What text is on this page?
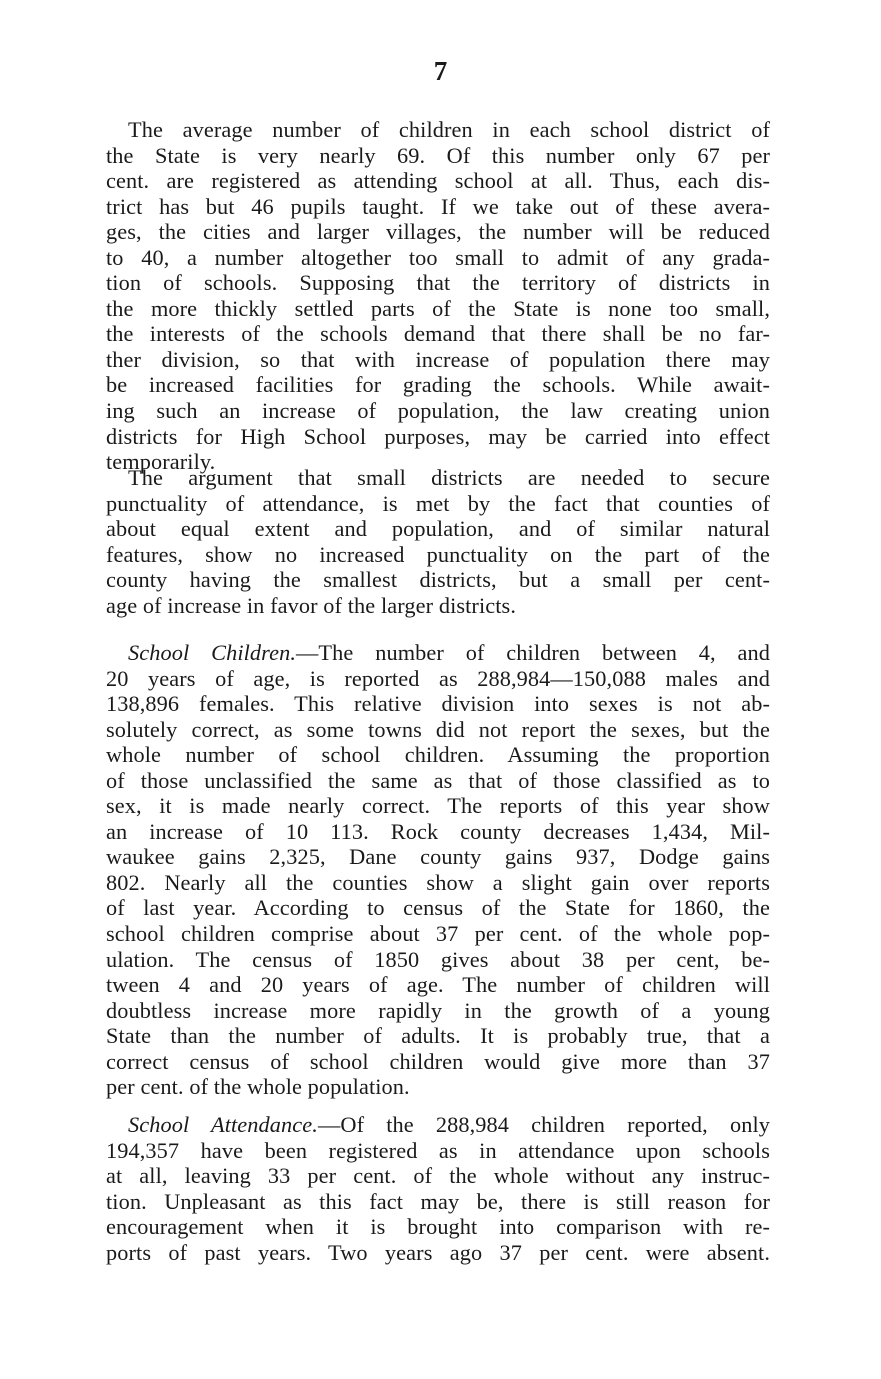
7
The average number of children in each school district of
the State is very nearly 69. Of this number only 67 per
cent. are registered as attending school at all. Thus, each dis-
trict has but 46 pupils taught. If we take out of these avera-
ges, the cities and larger villages, the number will be reduced
to 40, a number altogether too small to admit of any grada-
tion of schools. Supposing that the territory of districts in
the more thickly settled parts of the State is none too small,
the interests of the schools demand that there shall be no far-
ther division, so that with increase of population there may
be increased facilities for grading the schools. While await-
ing such an increase of population, the law creating union
districts for High School purposes, may be carried into effect
temporarily.
The argument that small districts are needed to secure
punctuality of attendance, is met by the fact that counties of
about equal extent and population, and of similar natural
features, show no increased punctuality on the part of the
county having the smallest districts, but a small per cent-
age of increase in favor of the larger districts.
School Children.—The number of children between 4, and
20 years of age, is reported as 288,984—150,088 males and
138,896 females. This relative division into sexes is not ab-
solutely correct, as some towns did not report the sexes, but the
whole number of school children. Assuming the proportion
of those unclassified the same as that of those classified as to
sex, it is made nearly correct. The reports of this year show
an increase of 10 113. Rock county decreases 1,434, Mil-
waukee gains 2,325, Dane county gains 937, Dodge gains
802. Nearly all the counties show a slight gain over reports
of last year. According to census of the State for 1860, the
school children comprise about 37 per cent. of the whole pop-
ulation. The census of 1850 gives about 38 per cent, be-
tween 4 and 20 years of age. The number of children will
doubtless increase more rapidly in the growth of a young
State than the number of adults. It is probably true, that a
correct census of school children would give more than 37
per cent. of the whole population.
School Attendance.—Of the 288,984 children reported, only
194,357 have been registered as in attendance upon schools
at all, leaving 33 per cent. of the whole without any instruc-
tion. Unpleasant as this fact may be, there is still reason for
encouragement when it is brought into comparison with re-
ports of past years. Two years ago 37 per cent. were absent.
